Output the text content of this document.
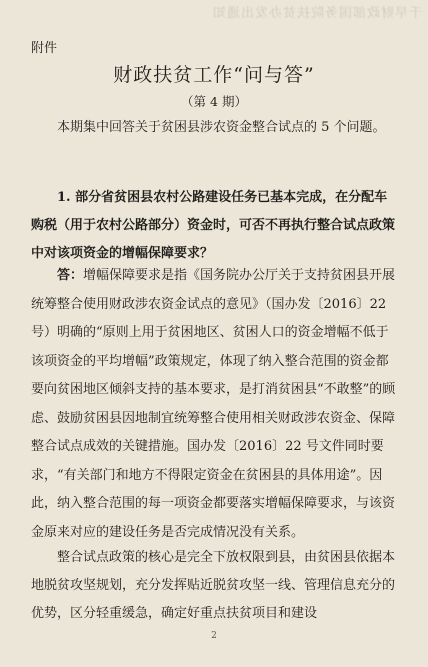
千早财政部国务院扶贫办发出通知
附件
财政扶贫工作“问与答”
（第 4 期）
本期集中回答关于贫困县涉农资金整合试点的 5 个问题。
1. 部分省贫困县农村公路建设任务已基本完成，在分配车购税（用于农村公路部分）资金时，可否不再执行整合试点政策中对该项资金的增幅保障要求？
答：增幅保障要求是指《国务院办公厅关于支持贫困县开展统筹整合使用财政涉农资金试点的意见》（国办发〔2016〕22 号）明确的“原则上用于贫困地区、贫困人口的资金增幅不低于该项资金的平均增幅”政策规定，体现了纳入整合范围的资金都要向贫困地区倾斜支持的基本要求，是打消贫困县“不敢整”的顾虑、鼓励贫困县因地制宜统筹整合使用相关财政涉农资金、保障整合试点成效的关键措施。国办发〔2016〕22 号文件同时要求，“有关部门和地方不得限定资金在贫困县的具体用途”。因此，纳入整合范围的每一项资金都要落实增幅保障要求，与该资金原来对应的建设任务是否完成情况没有关系。
整合试点政策的核心是完全下放权限到县，由贫困县依据本地脱贫攻坚规划，充分发挥贴近脱贫攻坚一线、管理信息充分的优势，区分轻重缓急，确定好重点扶贫项目和建设
2
